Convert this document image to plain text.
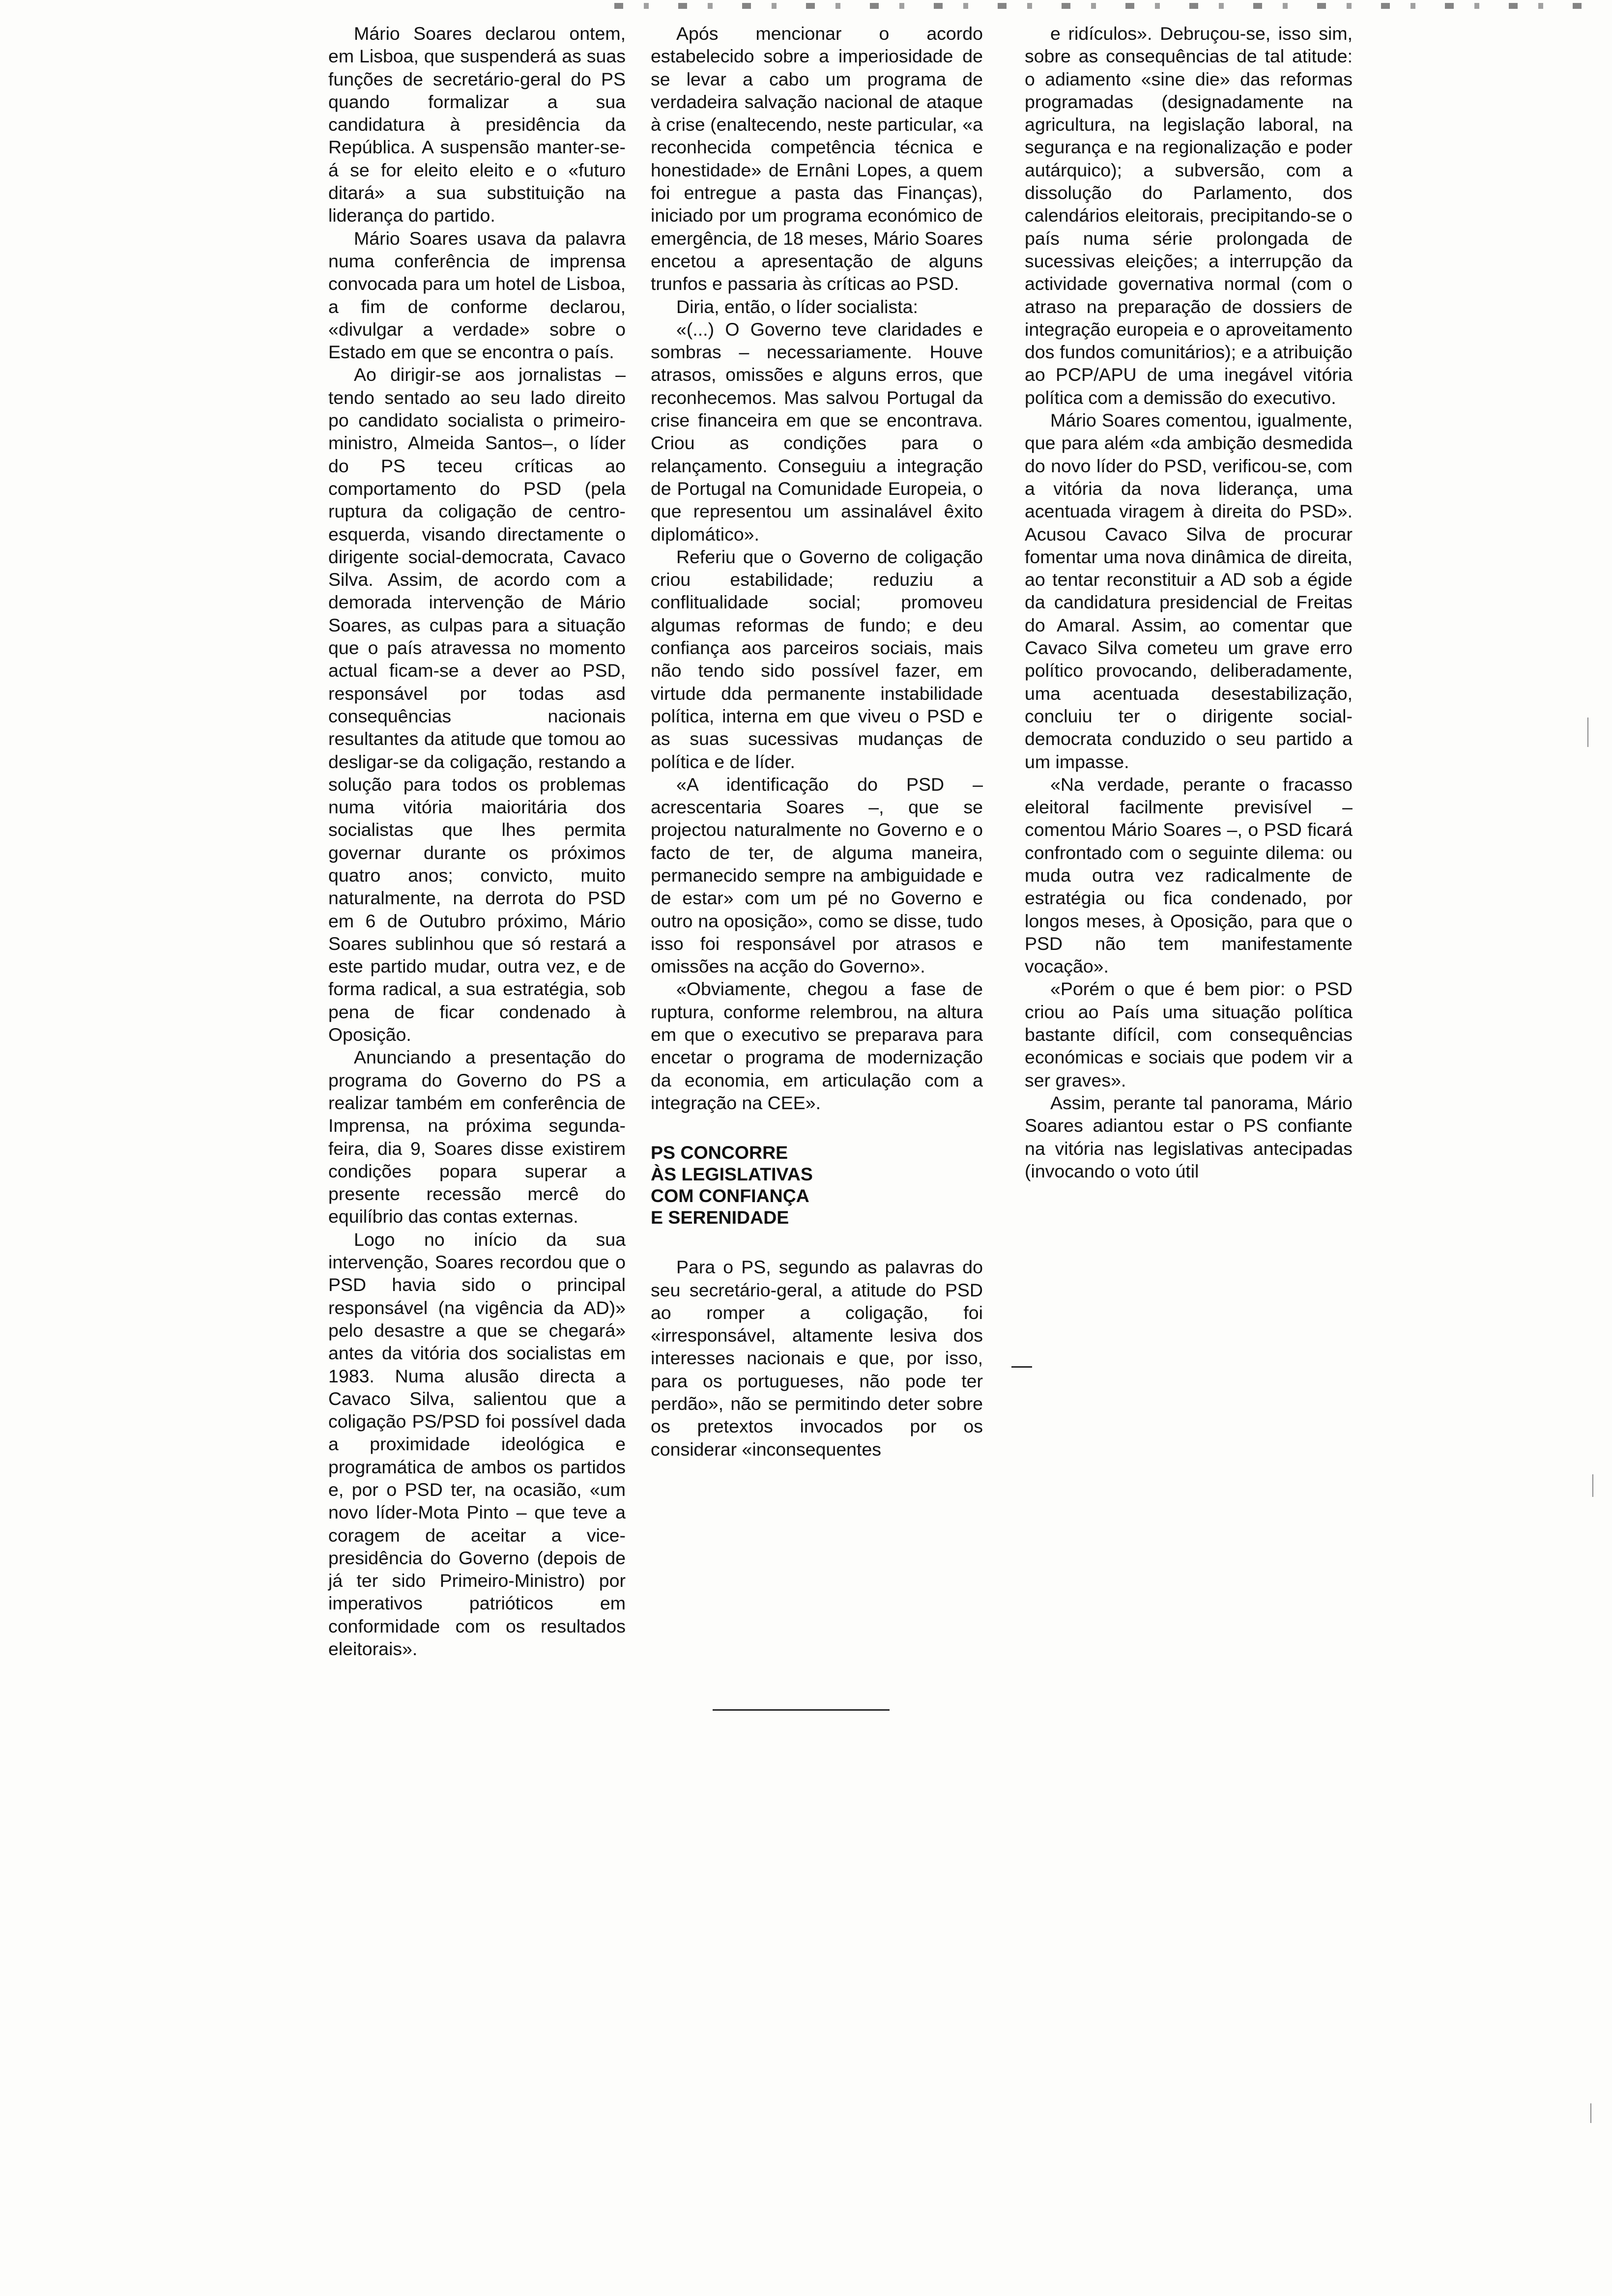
Mário Soares declarou ontem, em Lisboa, que suspenderá as suas funções de secretário-geral do PS quando formalizar a sua candidatura à presidência da República. A suspensão manter-se-á se for eleito eleito e o «futuro ditará» a sua substituição na liderança do partido.

Mário Soares usava da palavra numa conferência de imprensa convocada para um hotel de Lisboa, a fim de conforme declarou, «divulgar a verdade» sobre o Estado em que se encontra o país.

Ao dirigir-se aos jornalistas – tendo sentado ao seu lado direito po candidato socialista o primeiro-ministro, Almeida Santos–, o líder do PS teceu críticas ao comportamento do PSD (pela ruptura da coligação de centro-esquerda, visando directamente o dirigente social-democrata, Cavaco Silva. Assim, de acordo com a demorada intervenção de Mário Soares, as culpas para a situação que o país atravessa no momento actual ficam-se a dever ao PSD, responsável por todas asd consequências nacionais resultantes da atitude que tomou ao desligar-se da coligação, restando a solução para todos os problemas numa vitória maioritária dos socialistas que lhes permita governar durante os próximos quatro anos; convicto, muito naturalmente, na derrota do PSD em 6 de Outubro próximo, Mário Soares sublinhou que só restará a este partido mudar, outra vez, e de forma radical, a sua estratégia, sob pena de ficar condenado à Oposição.

Anunciando a presentação do programa do Governo do PS a realizar também em conferência de Imprensa, na próxima segunda-feira, dia 9, Soares disse existirem condições popara superar a presente recessão mercê do equilíbrio das contas externas.

Logo no início da sua intervenção, Soares recordou que o PSD havia sido o principal responsável (na vigência da AD)» pelo desastre a que se chegará» antes da vitória dos socialistas em 1983. Numa alusão directa a Cavaco Silva, salientou que a coligação PS/PSD foi possível dada a proximidade ideológica e programática de ambos os partidos e, por o PSD ter, na ocasião, «um novo líder-Mota Pinto – que teve a coragem de aceitar a vice-presidência do Governo (depois de já ter sido Primeiro-Ministro) por imperativos patrióticos em conformidade com os resultados eleitorais».

Após mencionar o acordo estabelecido sobre a imperiosidade de se levar a cabo um programa de verdadeira salvação nacional de ataque à crise (enaltecendo, neste particular, «a reconhecida competência técnica e honestidade» de Ernâni Lopes, a quem foi entregue a pasta das Finanças), iniciado por um programa económico de emergência, de 18 meses, Mário Soares encetou a apresentação de alguns trunfos e passaria às críticas ao PSD.

Diria, então, o líder socialista:

«(...) O Governo teve claridades e sombras – necessariamente. Houve atrasos, omissões e alguns erros, que reconhecemos. Mas salvou Portugal da crise financeira em que se encontrava. Criou as condições para o relançamento. Conseguiu a integração de Portugal na Comunidade Europeia, o que representou um assinalável êxito diplomático».

Referiu que o Governo de coligação criou estabilidade; reduziu a conflitualidade social; promoveu algumas reformas de fundo; e deu confiança aos parceiros sociais, mais não tendo sido possível fazer, em virtude dda permanente instabilidade política, interna em que viveu o PSD e as suas sucessivas mudanças de política e de líder.

«A identificação do PSD – acrescentaria Soares –, que se projectou naturalmente no Governo e o facto de ter, de alguma maneira, permanecido sempre na ambiguidade e de estar» com um pé no Governo e outro na oposição», como se disse, tudo isso foi responsável por atrasos e omissões na acção do Governo».

«Obviamente, chegou a fase de ruptura, conforme relembrou, na altura em que o executivo se preparava para encetar o programa de modernização da economia, em articulação com a integração na CEE».

PS CONCORRE
ÀS LEGISLATIVAS
COM CONFIANÇA
E SERENIDADE

Para o PS, segundo as palavras do seu secretário-geral, a atitude do PSD ao romper a coligação, foi «irresponsável, altamente lesiva dos interesses nacionais e que, por isso, para os portugueses, não pode ter perdão», não se permitindo deter sobre os pretextos invocados por os considerar «inconsequentes

e ridículos». Debruçou-se, isso sim, sobre as consequências de tal atitude: o adiamento «sine die» das reformas programadas (designadamente na agricultura, na legislação laboral, na segurança e na regionalização e poder autárquico); a subversão, com a dissolução do Parlamento, dos calendários eleitorais, precipitando-se o país numa série prolongada de sucessivas eleições; a interrupção da actividade governativa normal (com o atraso na preparação de dossiers de integração europeia e o aproveitamento dos fundos comunitários); e a atribuição ao PCP/APU de uma inegável vitória política com a demissão do executivo.

Mário Soares comentou, igualmente, que para além «da ambição desmedida do novo líder do PSD, verificou-se, com a vitória da nova liderança, uma acentuada viragem à direita do PSD». Acusou Cavaco Silva de procurar fomentar uma nova dinâmica de direita, ao tentar reconstituir a AD sob a égide da candidatura presidencial de Freitas do Amaral. Assim, ao comentar que Cavaco Silva cometeu um grave erro político provocando, deliberadamente, uma acentuada desestabilização, concluiu ter o dirigente social-democrata conduzido o seu partido a um impasse.

«Na verdade, perante o fracasso eleitoral facilmente previsível – comentou Mário Soares –, o PSD ficará confrontado com o seguinte dilema: ou muda outra vez radicalmente de estratégia ou fica condenado, por longos meses, à Oposição, para que o PSD não tem manifestamente vocação».

«Porém o que é bem pior: o PSD criou ao País uma situação política bastante difícil, com consequências económicas e sociais que podem vir a ser graves».

Assim, perante tal panorama, Mário Soares adiantou estar o PS confiante na vitória nas legislativas antecipadas (invocando o voto útil
